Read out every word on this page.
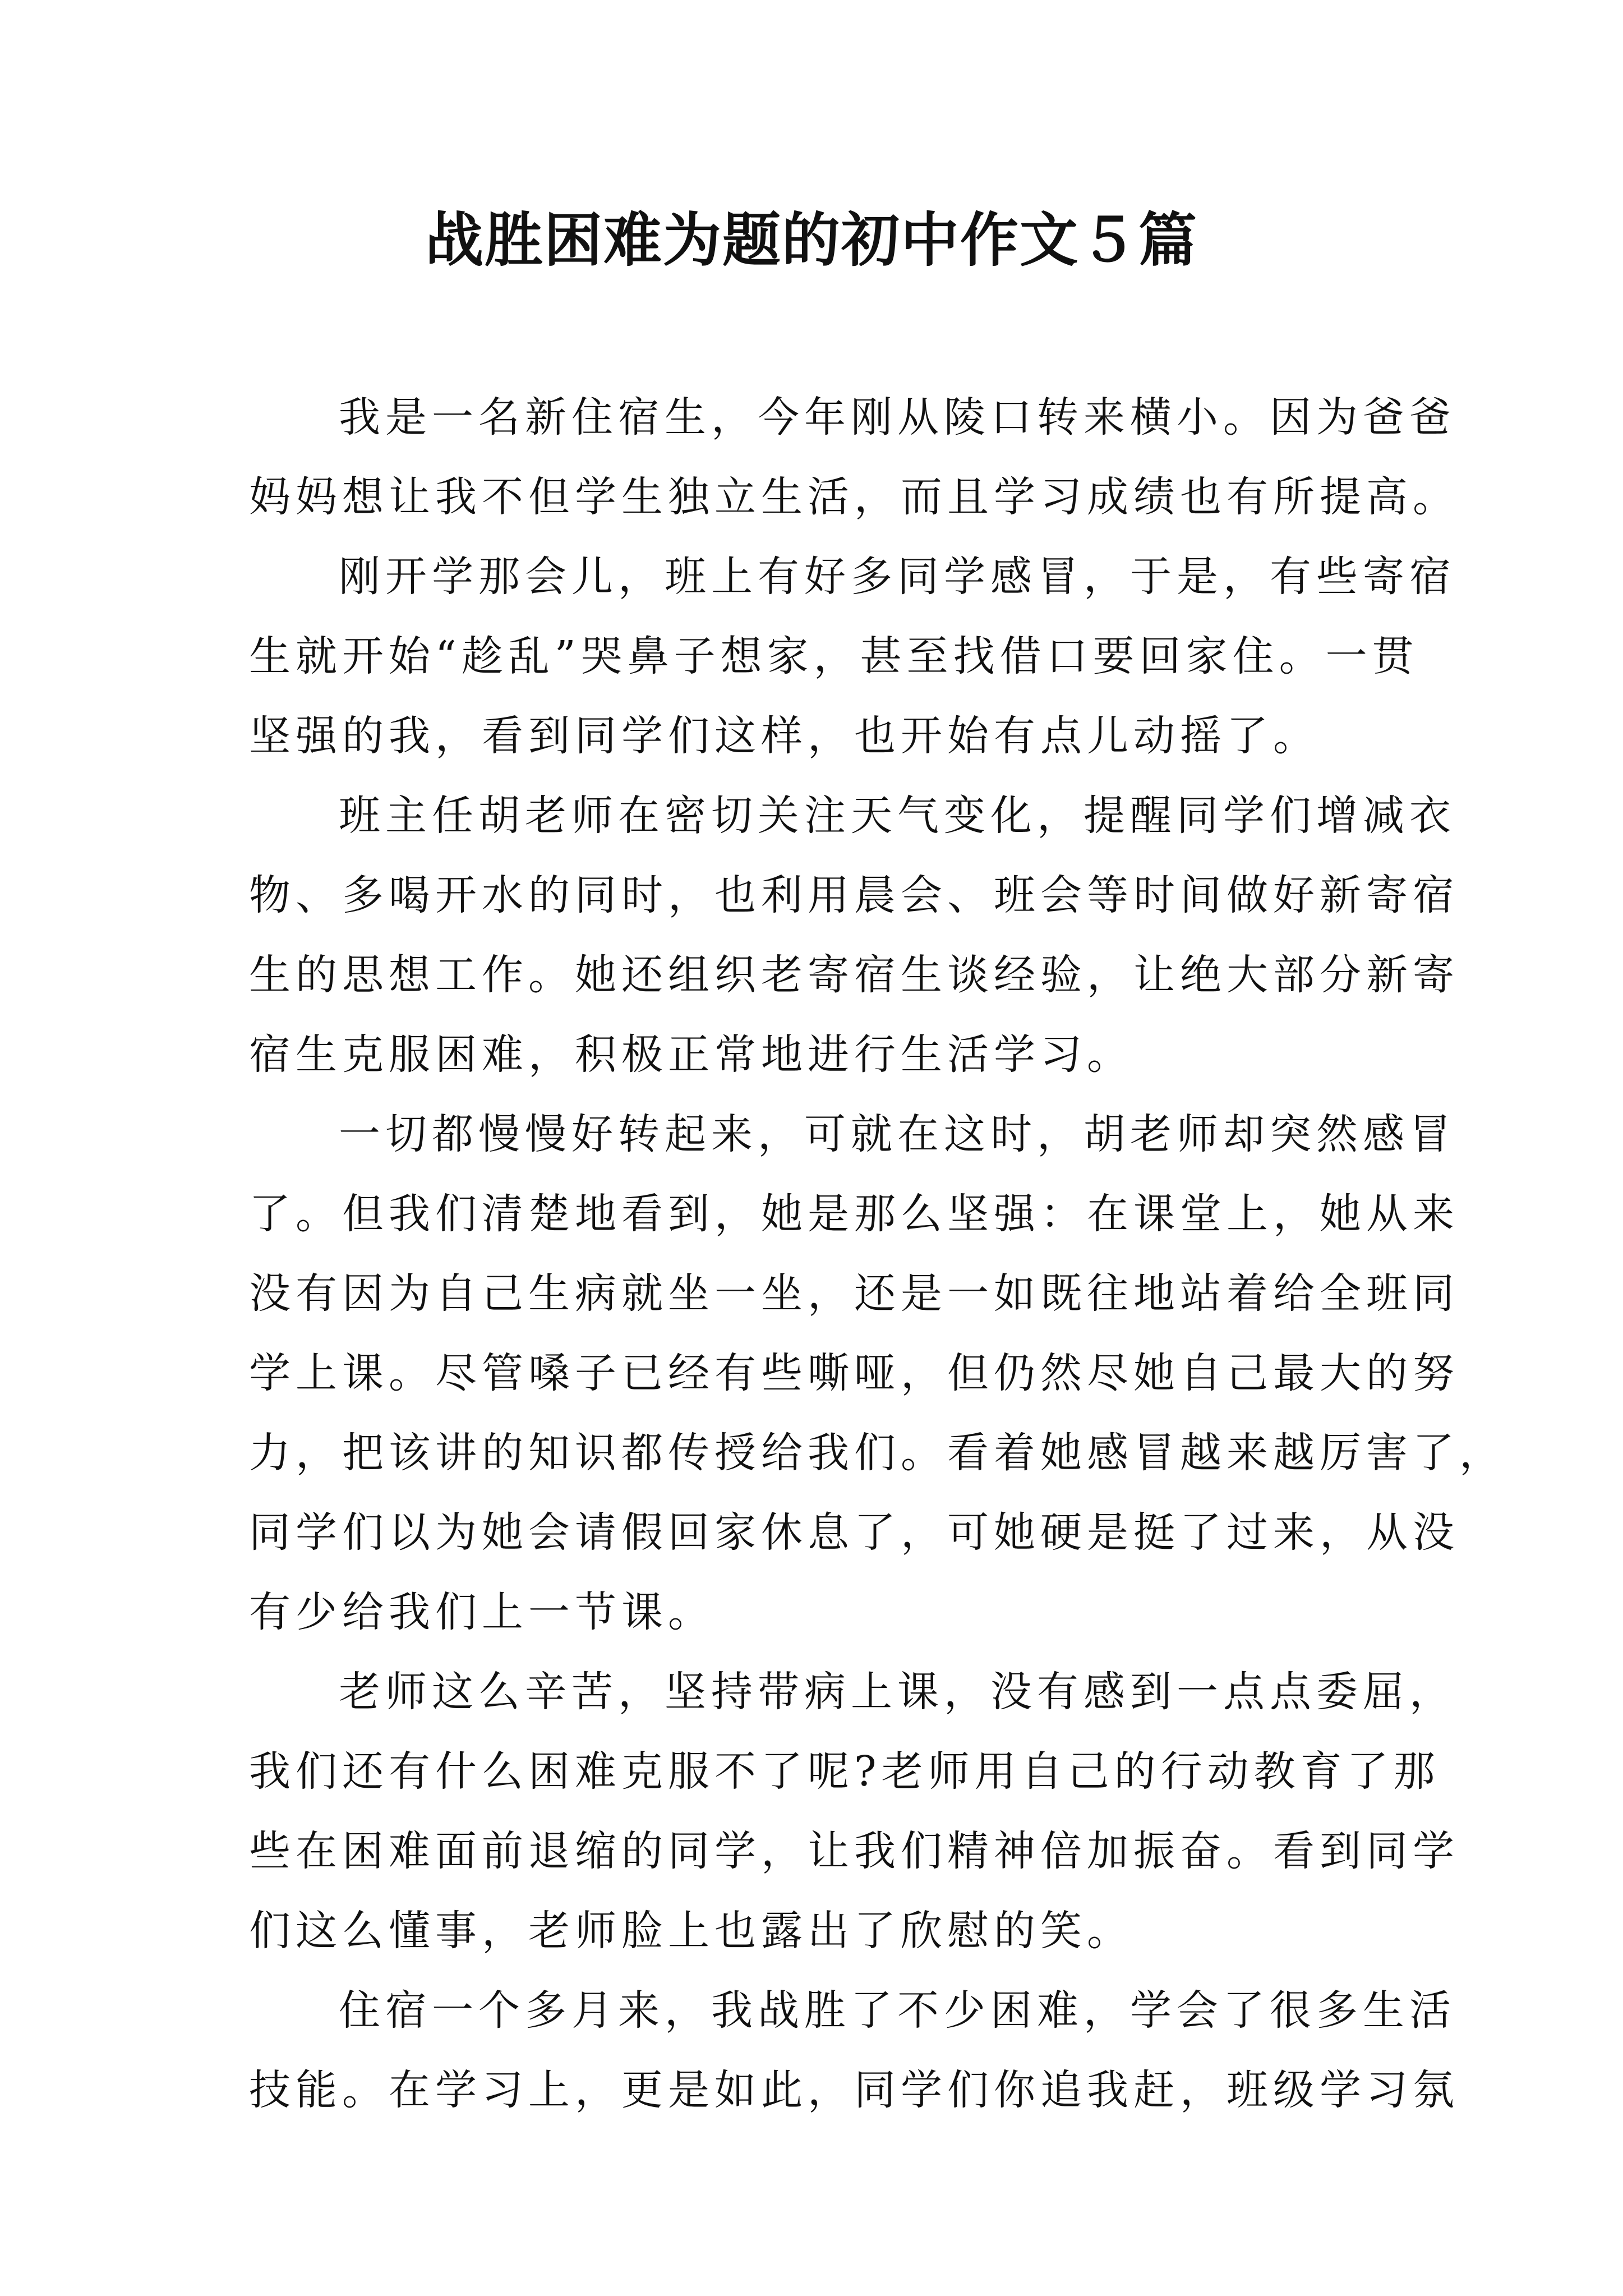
战胜困难为题的初中作文５篇
我是一名新住宿生，今年刚从陵口转来横小。因为爸爸
妈妈想让我不但学生独立生活，而且学习成绩也有所提高。
刚开学那会儿，班上有好多同学感冒，于是，有些寄宿
生就开始“趁乱”哭鼻子想家，甚至找借口要回家住。一贯
坚强的我，看到同学们这样，也开始有点儿动摇了。
班主任胡老师在密切关注天气变化，提醒同学们增减衣
物、多喝开水的同时，也利用晨会、班会等时间做好新寄宿
生的思想工作。她还组织老寄宿生谈经验，让绝大部分新寄
宿生克服困难，积极正常地进行生活学习。
一切都慢慢好转起来，可就在这时，胡老师却突然感冒
了。但我们清楚地看到，她是那么坚强：在课堂上，她从来
没有因为自己生病就坐一坐，还是一如既往地站着给全班同
学上课。尽管嗓子已经有些嘶哑，但仍然尽她自己最大的努
力，把该讲的知识都传授给我们。看着她感冒越来越厉害了，
同学们以为她会请假回家休息了，可她硬是挺了过来，从没
有少给我们上一节课。
老师这么辛苦，坚持带病上课，没有感到一点点委屈，
我们还有什么困难克服不了呢?老师用自己的行动教育了那
些在困难面前退缩的同学，让我们精神倍加振奋。看到同学
们这么懂事，老师脸上也露出了欣慰的笑。
住宿一个多月来，我战胜了不少困难，学会了很多生活
技能。在学习上，更是如此，同学们你追我赶，班级学习氛
